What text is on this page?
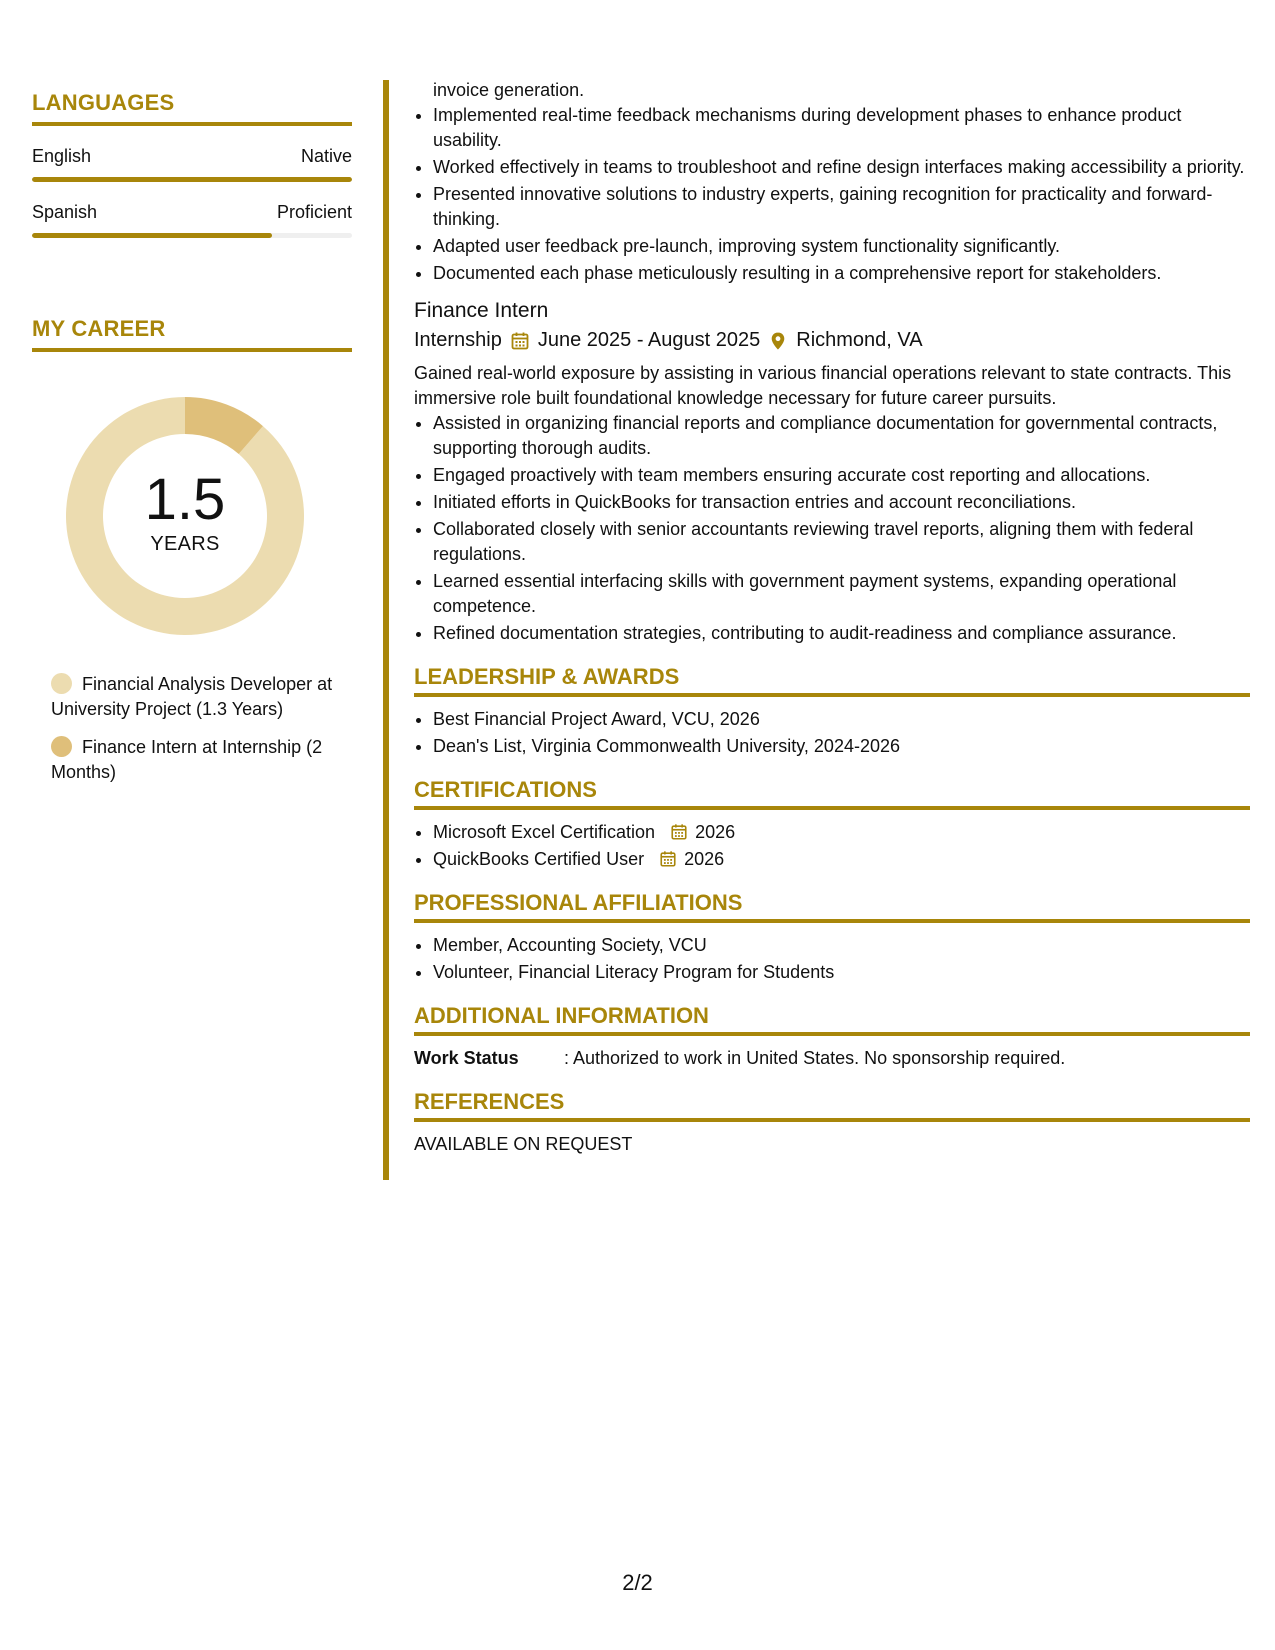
LANGUAGES
English	Native
Spanish	Proficient
MY CAREER
1.5
YEARS
Financial Analysis Developer at University Project (1.3 Years)
Finance Intern at Internship (2 Months)
invoice generation.
• Implemented real-time feedback mechanisms during development phases to enhance product usability.
• Worked effectively in teams to troubleshoot and refine design interfaces making accessibility a priority.
• Presented innovative solutions to industry experts, gaining recognition for practicality and forward-thinking.
• Adapted user feedback pre-launch, improving system functionality significantly.
• Documented each phase meticulously resulting in a comprehensive report for stakeholders.
Finance Intern
Internship June 2025 - August 2025 Richmond, VA
Gained real-world exposure by assisting in various financial operations relevant to state contracts. This immersive role built foundational knowledge necessary for future career pursuits.
• Assisted in organizing financial reports and compliance documentation for governmental contracts, supporting thorough audits.
• Engaged proactively with team members ensuring accurate cost reporting and allocations.
• Initiated efforts in QuickBooks for transaction entries and account reconciliations.
• Collaborated closely with senior accountants reviewing travel reports, aligning them with federal regulations.
• Learned essential interfacing skills with government payment systems, expanding operational competence.
• Refined documentation strategies, contributing to audit-readiness and compliance assurance.
LEADERSHIP & AWARDS
• Best Financial Project Award, VCU, 2026
• Dean's List, Virginia Commonwealth University, 2024-2026
CERTIFICATIONS
• Microsoft Excel Certification 2026
• QuickBooks Certified User 2026
PROFESSIONAL AFFILIATIONS
• Member, Accounting Society, VCU
• Volunteer, Financial Literacy Program for Students
ADDITIONAL INFORMATION
Work Status	: Authorized to work in United States. No sponsorship required.
REFERENCES
AVAILABLE ON REQUEST
2/2
